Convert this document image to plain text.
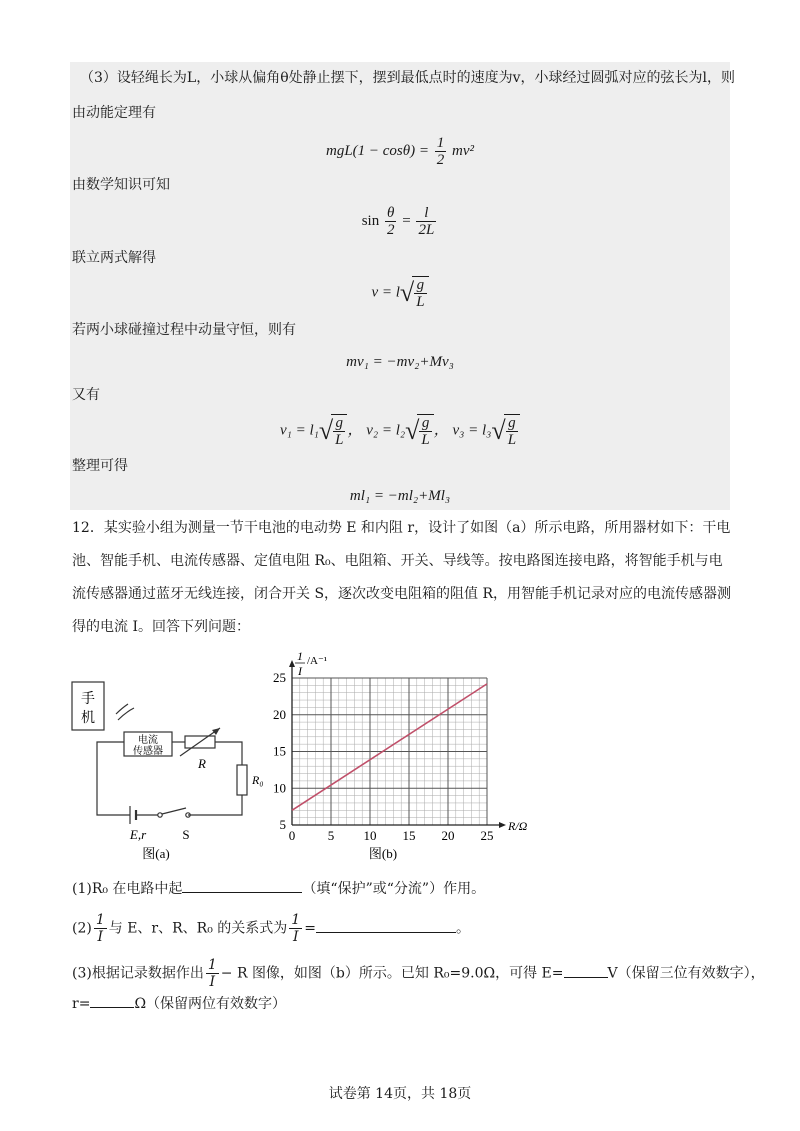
（3）设轻绳长为L，小球从偏角θ处静止摆下，摆到最低点时的速度为v，小球经过圆弧对应的弦长为l，则
由动能定理有
$mgL(1 - \cos\theta) = \frac{1}{2} mv^2$
由数学知识可知
$\sin \frac{\theta}{2} = \frac{l}{2L}$
联立两式解得
$v = l√ \frac{g}{L}$
若两小球碰撞过程中动量守恒，则有
mv₁ = −mv₂+Mv₃
又有
$v_1 = l_1√ \frac{g}{L}$ ， $v_2 = l_2√ \frac{g}{L}$ ， $v_3 = l_3√ \frac{g}{L}$
整理可得
ml₁ = −ml₂+Ml₃
12．某实验小组为测量一节干电池的电动势 E 和内阻 r，设计了如图（a）所示电路，所用器材如下：干电
池、智能手机、电流传感器、定值电阻 R₀、电阻箱、开关、导线等。按电路图连接电路，将智能手机与电
流传感器通过蓝牙无线连接，闭合开关 S，逐次改变电阻箱的阻值 R，用智能手机记录对应的电流传感器测
得的电流 I。回答下列问题：
手
机
电流
传感器
R
R₀
E,r	S
图(a)
0	5 10 15 20 25
5
10
15
20
25
1
I
/A⁻¹
R/Ω
图(b)
(1)R₀ 在电路中起	（填“保护”或“分流”）作用。
$(2) \frac{1}{I}$ 与 E、r、R、R₀ 的关系式为 $\frac{1}{I}$ =	。
(3)根据记录数据作出 $\frac{1}{I} - R$ 图像，如图（b）所示。已知 R₀=9.0Ω，可得 E=	V（保留三位有效数字），
r=	Ω（保留两位有效数字）
试卷第 14页，共 18页
